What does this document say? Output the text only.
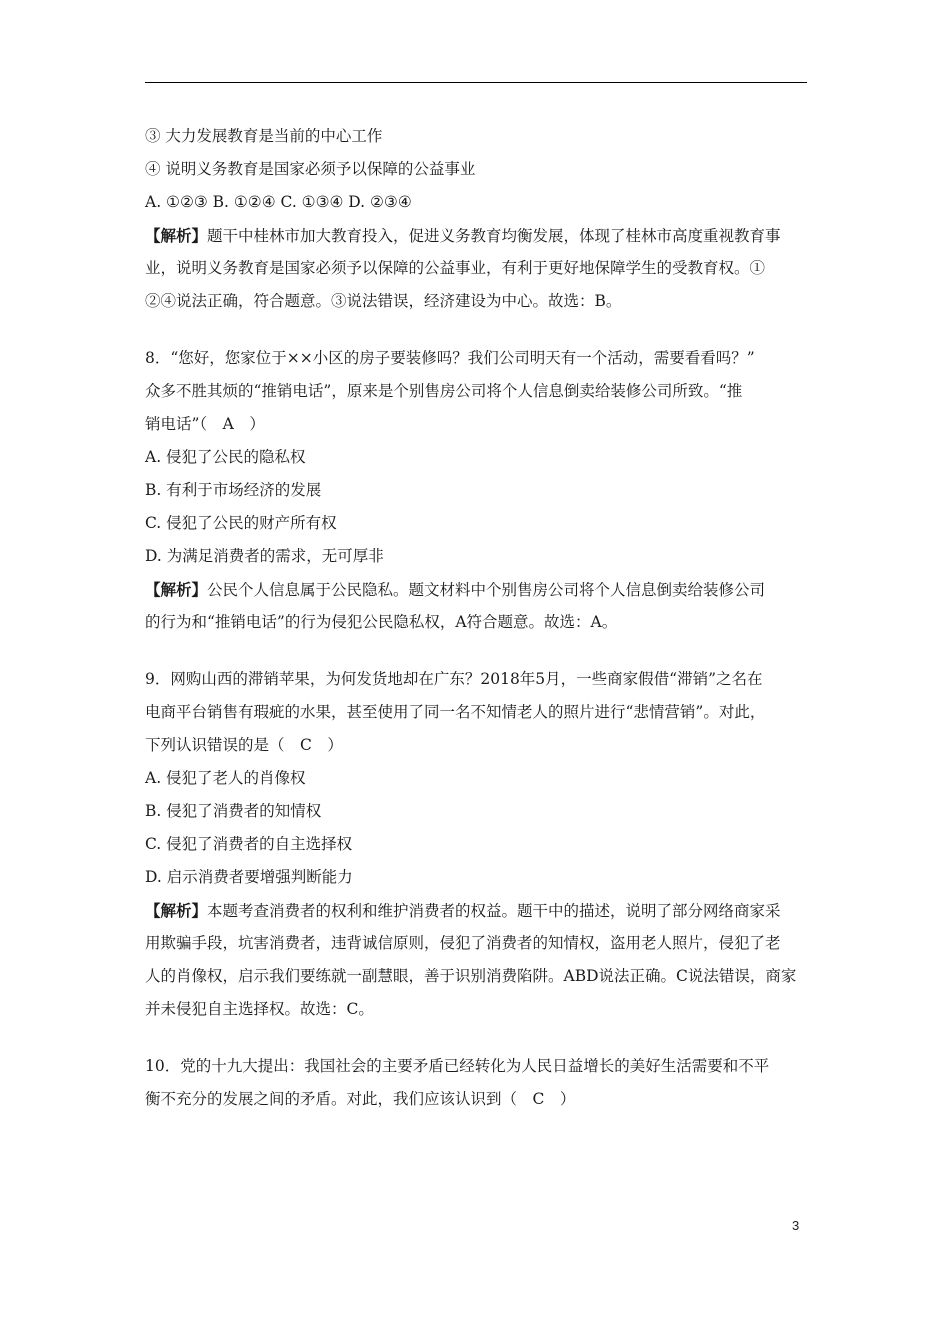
③ 大力发展教育是当前的中心工作
④ 说明义务教育是国家必须予以保障的公益事业
A. ①②③ B. ①②④ C. ①③④ D. ②③④
【解析】题干中桂林市加大教育投入，促进义务教育均衡发展，体现了桂林市高度重视教育事
业，说明义务教育是国家必须予以保障的公益事业，有利于更好地保障学生的受教育权。①
②④说法正确，符合题意。③说法错误，经济建设为中心。故选：B。
8．“您好，您家位于××小区的房子要装修吗？我们公司明天有一个活动，需要看看吗？”
众多不胜其烦的“推销电话”，原来是个别售房公司将个人信息倒卖给装修公司所致。“推
销电话”（　A　）
A. 侵犯了公民的隐私权
B. 有利于市场经济的发展
C. 侵犯了公民的财产所有权
D. 为满足消费者的需求，无可厚非
【解析】公民个人信息属于公民隐私。题文材料中个别售房公司将个人信息倒卖给装修公司
的行为和“推销电话”的行为侵犯公民隐私权，A符合题意。故选：A。
9．网购山西的滞销苹果，为何发货地却在广东？2018年5月，一些商家假借“滞销”之名在
电商平台销售有瑕疵的水果，甚至使用了同一名不知情老人的照片进行“悲情营销”。对此，
下列认识错误的是（　C　）
A. 侵犯了老人的肖像权
B. 侵犯了消费者的知情权
C. 侵犯了消费者的自主选择权
D. 启示消费者要增强判断能力
【解析】本题考查消费者的权利和维护消费者的权益。题干中的描述，说明了部分网络商家采
用欺骗手段，坑害消费者，违背诚信原则，侵犯了消费者的知情权，盗用老人照片，侵犯了老
人的肖像权，启示我们要练就一副慧眼，善于识别消费陷阱。ABD说法正确。C说法错误，商家
并未侵犯自主选择权。故选：C。
10．党的十九大提出：我国社会的主要矛盾已经转化为人民日益增长的美好生活需要和不平
衡不充分的发展之间的矛盾。对此，我们应该认识到（　C　）
3
